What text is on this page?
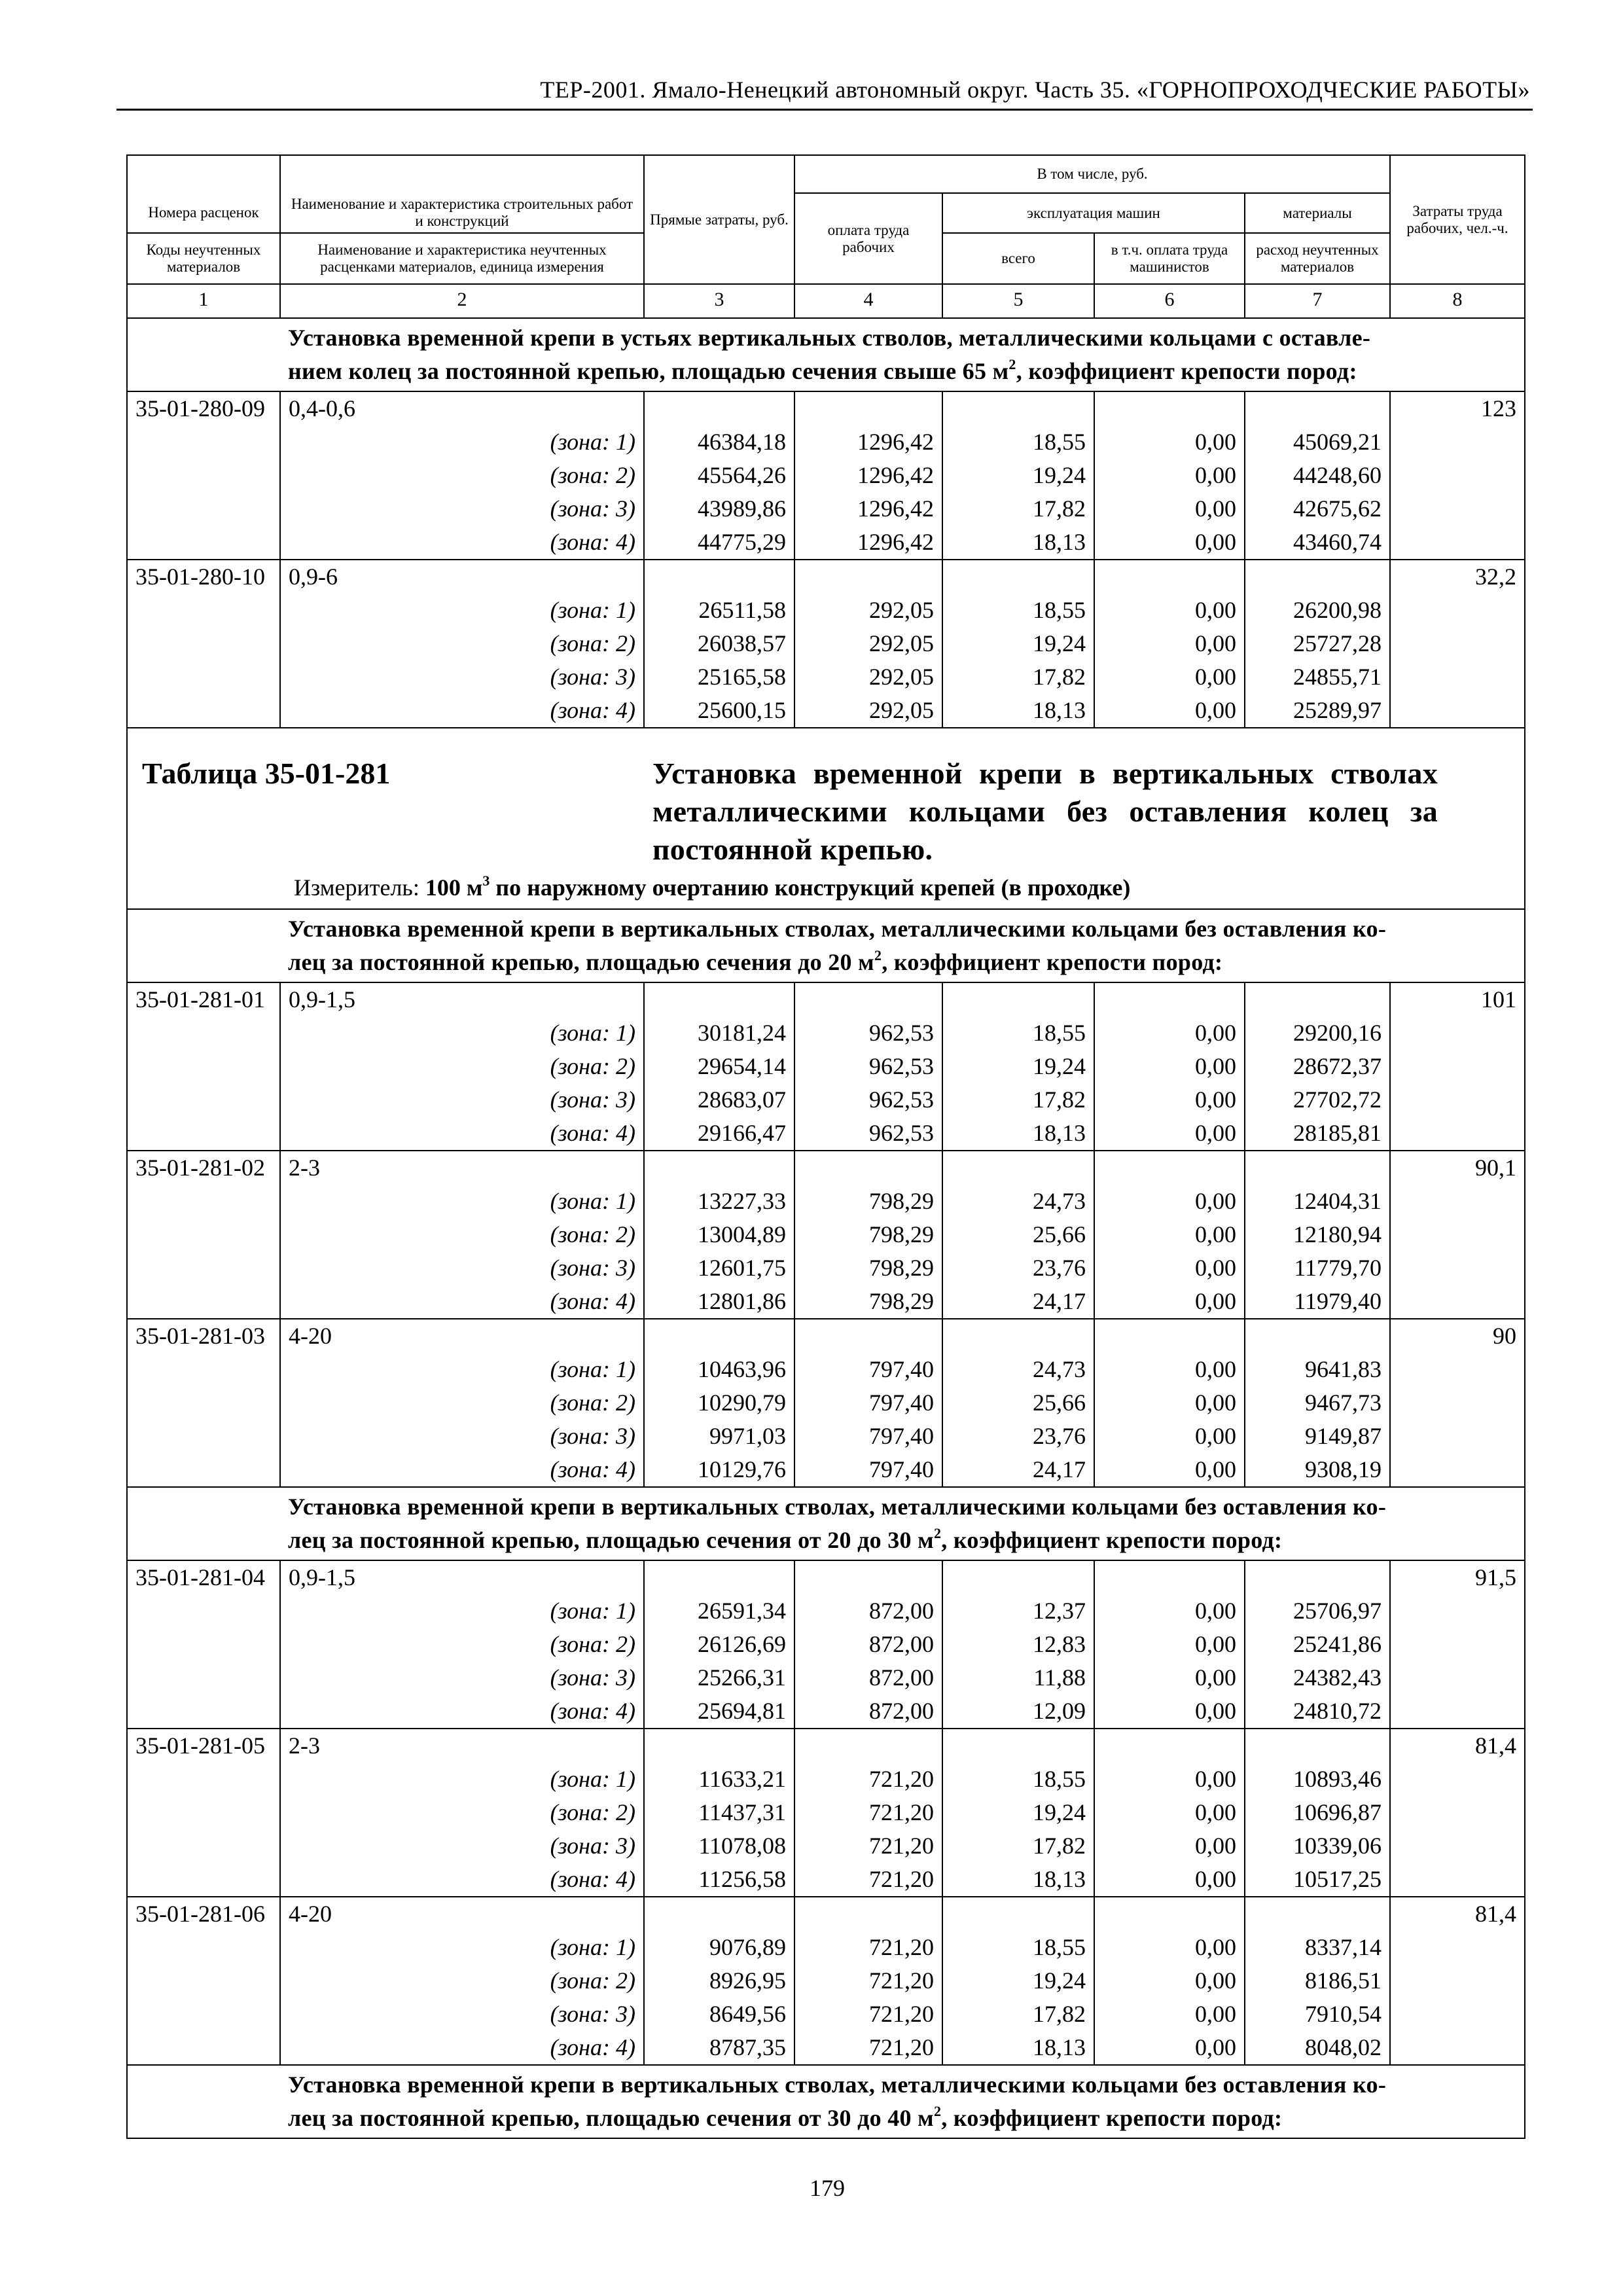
ТЕР-2001. Ямало-Ненецкий автономный округ. Часть 35. «ГОРНОПРОХОДЧЕСКИЕ РАБОТЫ»
		Прямые затраты, руб.	В том числе, руб.				Затраты труда рабочих, чел.-ч.
Номера расценок	Наименование и характеристика строительных работ и конструкций		оплата труда рабочих	эксплуатация машин		материалы	
Коды неучтенных материалов	Наименование и характеристика неучтенных расценками материалов, единица измерения			всего	в т.ч. оплата труда машинистов	расход неучтенных материалов	
1	2	3	4	5	6	7	8
	Установка временной крепи в устьях вертикальных стволов, металлическими кольцами с оставле-
нием колец за постоянной крепью, площадью сечения свыше 65 $м^2$, коэффициент крепости пород:						
35-01-280-09	0,4-0,6						123
	(зона: 1)	46384,18	1296,42	18,55	0,00	45069,21	
	(зона: 2)	45564,26	1296,42	19,24	0,00	44248,60	
	(зона: 3)	43989,86	1296,42	17,82	0,00	42675,62	
	(зона: 4)	44775,29	1296,42	18,13	0,00	43460,74	
35-01-280-10	0,9-6						32,2
	(зона: 1)	26511,58	292,05	18,55	0,00	26200,98	
	(зона: 2)	26038,57	292,05	19,24	0,00	25727,28	
	(зона: 3)	25165,58	292,05	17,82	0,00	24855,71	
	(зона: 4)	25600,15	292,05	18,13	0,00	25289,97	

Таблица 35-01-281 Установка временной крепи в вертикальных стволах
металлическими кольцами без оставления колец за
постоянной крепью.
Измеритель: 100 $м^3$ по наружному очертанию конструкций крепей (в проходке)							

	Установка временной крепи в вертикальных стволах, металлическими кольцами без оставления ко-
лец за постоянной крепью, площадью сечения до 20 $м^2$, коэффициент крепости пород:						
35-01-281-01	0,9-1,5						101
	(зона: 1)	30181,24	962,53	18,55	0,00	29200,16	
	(зона: 2)	29654,14	962,53	19,24	0,00	28672,37	
	(зона: 3)	28683,07	962,53	17,82	0,00	27702,72	
	(зона: 4)	29166,47	962,53	18,13	0,00	28185,81	
35-01-281-02	2-3						90,1
	(зона: 1)	13227,33	798,29	24,73	0,00	12404,31	
	(зона: 2)	13004,89	798,29	25,66	0,00	12180,94	
	(зона: 3)	12601,75	798,29	23,76	0,00	11779,70	
	(зона: 4)	12801,86	798,29	24,17	0,00	11979,40	
35-01-281-03	4-20						90
	(зона: 1)	10463,96	797,40	24,73	0,00	9641,83	
	(зона: 2)	10290,79	797,40	25,66	0,00	9467,73	
	(зона: 3)	9971,03	797,40	23,76	0,00	9149,87	
	(зона: 4)	10129,76	797,40	24,17	0,00	9308,19	
	Установка временной крепи в вертикальных стволах, металлическими кольцами без оставления ко-
лец за постоянной крепью, площадью сечения от 20 до 30 $м^2$, коэффициент крепости пород:						
35-01-281-04	0,9-1,5						91,5
	(зона: 1)	26591,34	872,00	12,37	0,00	25706,97	
	(зона: 2)	26126,69	872,00	12,83	0,00	25241,86	
	(зона: 3)	25266,31	872,00	11,88	0,00	24382,43	
	(зона: 4)	25694,81	872,00	12,09	0,00	24810,72	
35-01-281-05	2-3						81,4
	(зона: 1)	11633,21	721,20	18,55	0,00	10893,46	
	(зона: 2)	11437,31	721,20	19,24	0,00	10696,87	
	(зона: 3)	11078,08	721,20	17,82	0,00	10339,06	
	(зона: 4)	11256,58	721,20	18,13	0,00	10517,25	
35-01-281-06	4-20						81,4
	(зона: 1)	9076,89	721,20	18,55	0,00	8337,14	
	(зона: 2)	8926,95	721,20	19,24	0,00	8186,51	
	(зона: 3)	8649,56	721,20	17,82	0,00	7910,54	
	(зона: 4)	8787,35	721,20	18,13	0,00	8048,02	
	Установка временной крепи в вертикальных стволах, металлическими кольцами без оставления ко-
лец за постоянной крепью, площадью сечения от 30 до 40 $м^2$, коэффициент крепости пород:						
179
